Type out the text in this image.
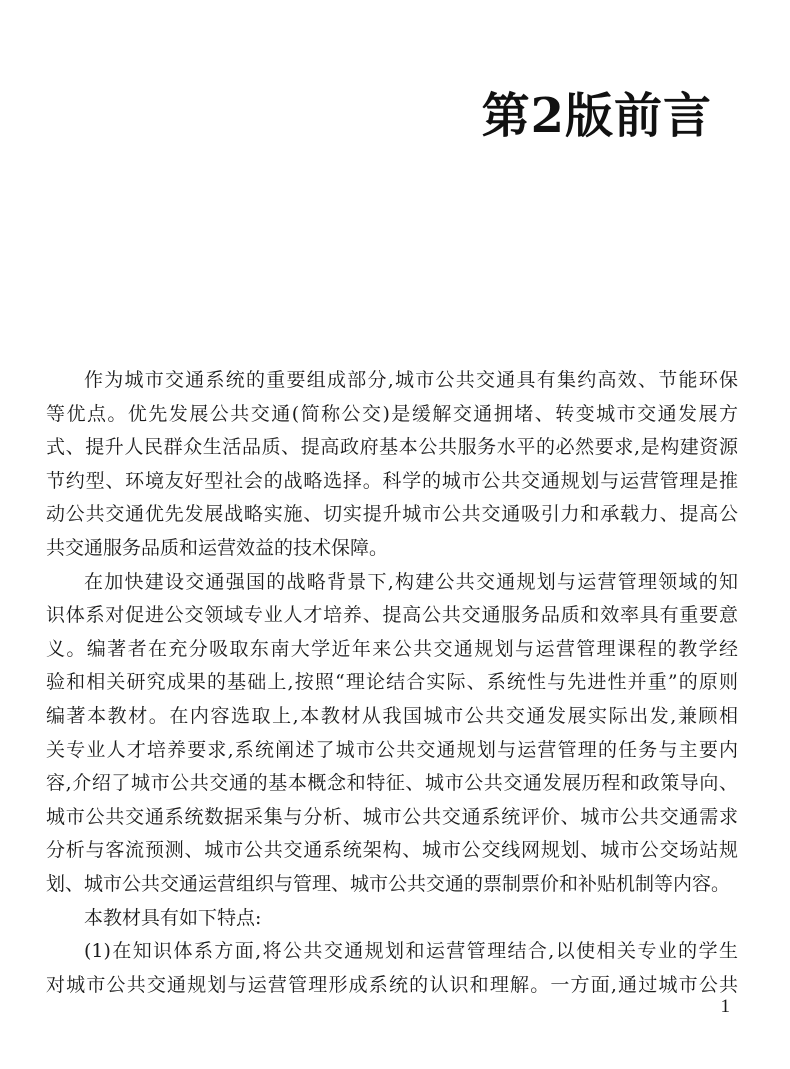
第2版前言
作为城市交通系统的重要组成部分,城市公共交通具有集约高效、节能环保
等优点。优先发展公共交通(简称公交)是缓解交通拥堵、转变城市交通发展方
式、提升人民群众生活品质、提高政府基本公共服务水平的必然要求,是构建资源
节约型、环境友好型社会的战略选择。科学的城市公共交通规划与运营管理是推
动公共交通优先发展战略实施、切实提升城市公共交通吸引力和承载力、提高公
共交通服务品质和运营效益的技术保障。
在加快建设交通强国的战略背景下,构建公共交通规划与运营管理领域的知
识体系对促进公交领域专业人才培养、提高公共交通服务品质和效率具有重要意
义。编著者在充分吸取东南大学近年来公共交通规划与运营管理课程的教学经
验和相关研究成果的基础上,按照“理论结合实际、系统性与先进性并重”的原则
编著本教材。在内容选取上,本教材从我国城市公共交通发展实际出发,兼顾相
关专业人才培养要求,系统阐述了城市公共交通规划与运营管理的任务与主要内
容,介绍了城市公共交通的基本概念和特征、城市公共交通发展历程和政策导向、
城市公共交通系统数据采集与分析、城市公共交通系统评价、城市公共交通需求
分析与客流预测、城市公共交通系统架构、城市公交线网规划、城市公交场站规
划、城市公共交通运营组织与管理、城市公共交通的票制票价和补贴机制等内容。
本教材具有如下特点:
(1)在知识体系方面,将公共交通规划和运营管理结合,以使相关专业的学生
对城市公共交通规划与运营管理形成系统的认识和理解。一方面,通过城市公共
1
